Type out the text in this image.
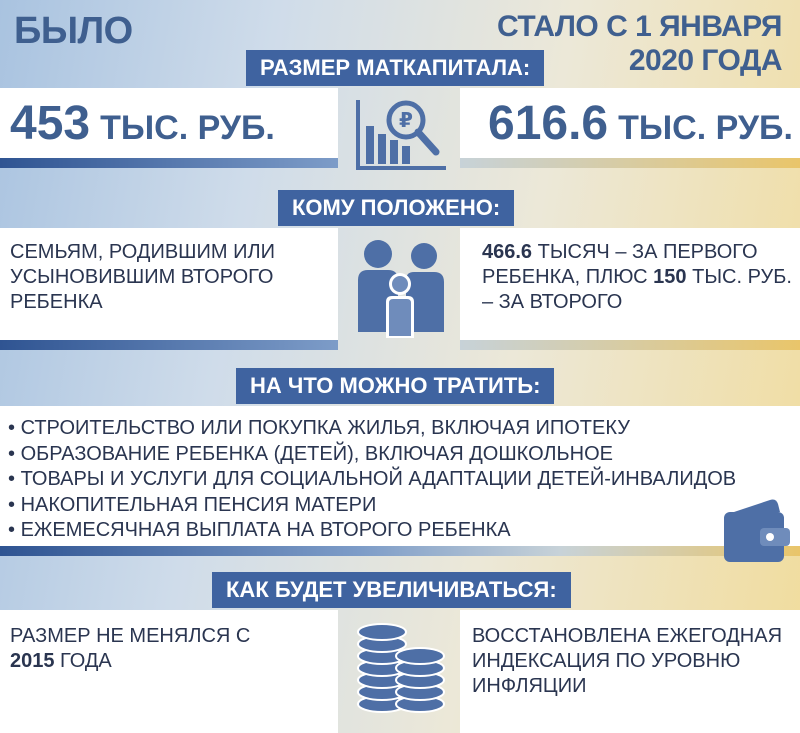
БЫЛО	СТАЛО С 1 ЯНВАРЯ
2020 ГОДА
РАЗМЕР МАТКАПИТАЛА:
453 ТЫС. РУБ.	616.6 ТЫС. РУБ.
₽
КОМУ ПОЛОЖЕНО:
СЕМЬЯМ, РОДИВШИМ ИЛИ УСЫНОВИВШИМ ВТОРОГО РЕБЕНКА
466.6 ТЫСЯЧ – ЗА ПЕРВОГО РЕБЕНКА, ПЛЮС 150 ТЫС. РУБ. – ЗА ВТОРОГО
НА ЧТО МОЖНО ТРАТИТЬ:
• СТРОИТЕЛЬСТВО ИЛИ ПОКУПКА ЖИЛЬЯ, ВКЛЮЧАЯ ИПОТЕКУ
• ОБРАЗОВАНИЕ РЕБЕНКА (ДЕТЕЙ), ВКЛЮЧАЯ ДОШКОЛЬНОЕ
• ТОВАРЫ И УСЛУГИ ДЛЯ СОЦИАЛЬНОЙ АДАПТАЦИИ ДЕТЕЙ-ИНВАЛИДОВ
• НАКОПИТЕЛЬНАЯ ПЕНСИЯ МАТЕРИ
• ЕЖЕМЕСЯЧНАЯ ВЫПЛАТА НА ВТОРОГО РЕБЕНКА
КАК БУДЕТ УВЕЛИЧИВАТЬСЯ:
РАЗМЕР НЕ МЕНЯЛСЯ С 2015 ГОДА
ВОССТАНОВЛЕНА ЕЖЕГОДНАЯ ИНДЕКСАЦИЯ ПО УРОВНЮ ИНФЛЯЦИИ
